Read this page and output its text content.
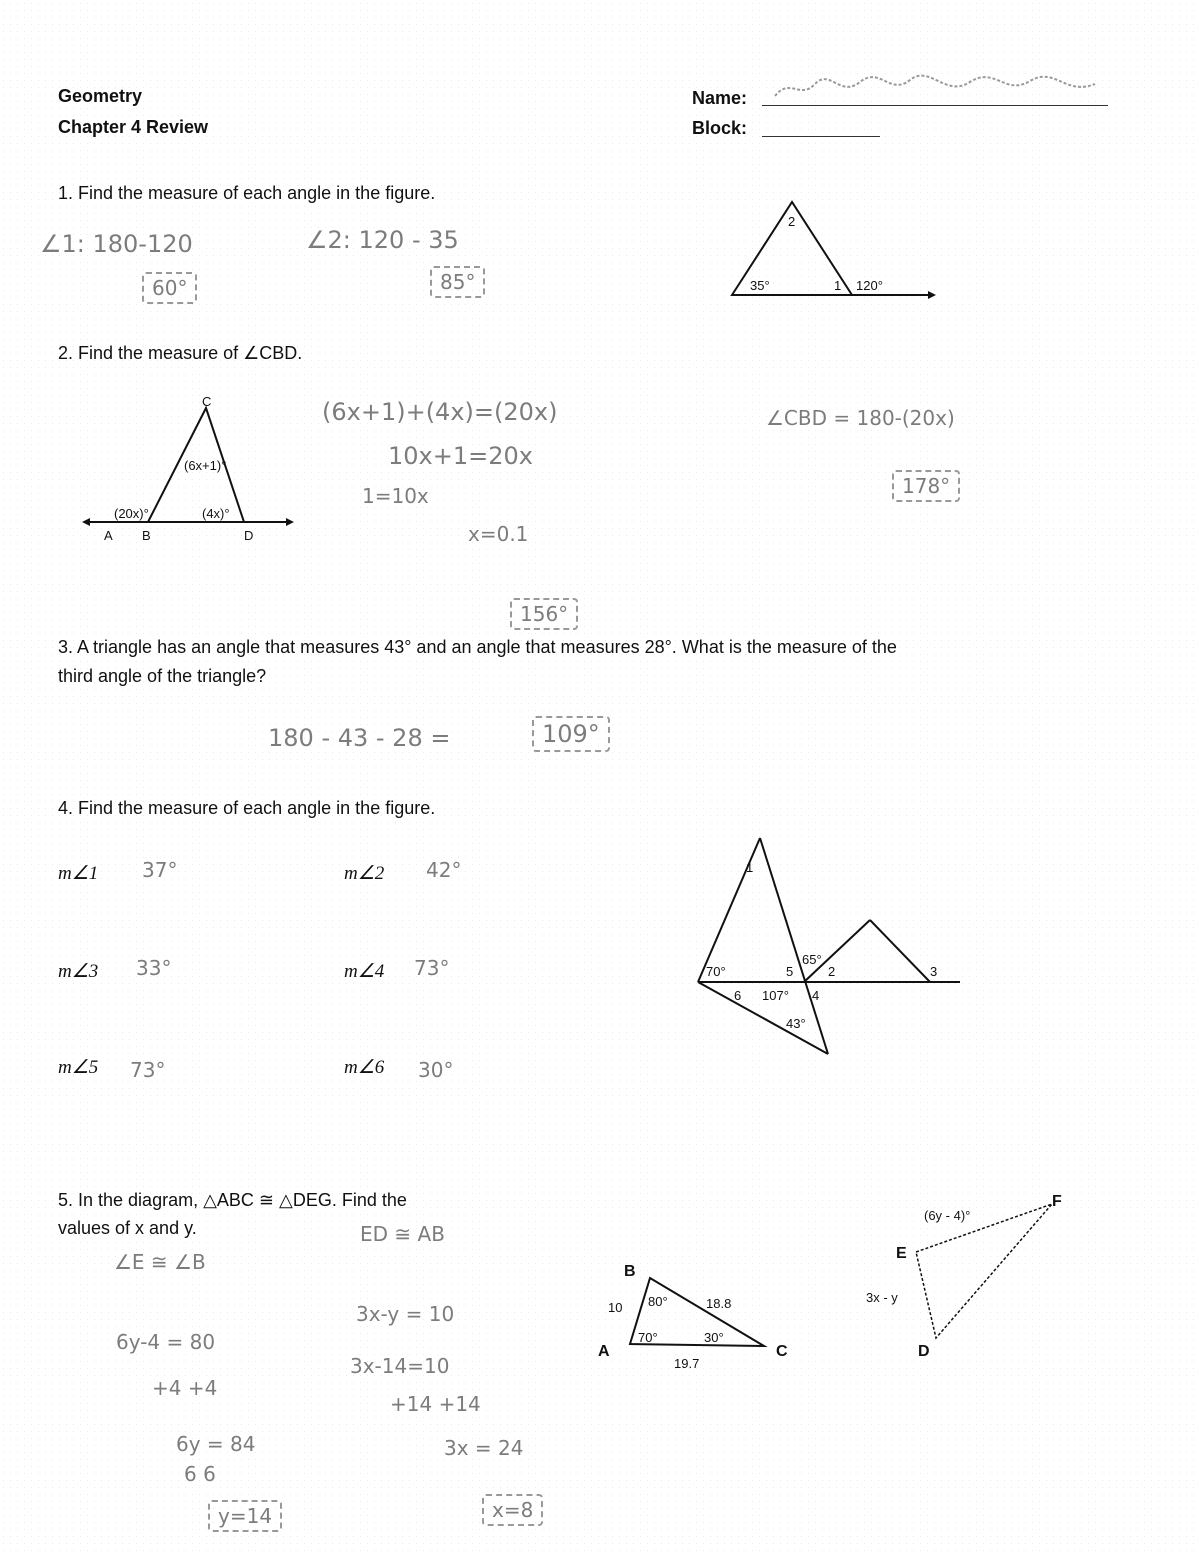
Geometry
Chapter 4 Review
Name:
Block:
1. Find the measure of each angle in the figure.
∠1: 180-120
60°
∠2: 120 - 35
85°	35°	1 120°
2
2. Find the measure of ∠CBD.
(6x+1)°
(20x)°	(4x)°
A B	D
C	(6x+1)+(4x)=(20x)
10x+1=20x
1=10x
x=0.1
156°
∠CBD = 180-(20x)
178°
3. A triangle has an angle that measures 43° and an angle that measures 28°. What is the measure of the
third angle of the triangle?
180 - 43 - 28 =	109°
4. Find the measure of each angle in the figure.
m∠1 37°	m∠2 42°
m∠3 33°	m∠4 73°
m∠5 73°	m∠6 30°
1
70°
6
5
65°
2	3
107° 4
43°
5. In the diagram, △ABC ≅ △DEG. Find the
values of x and y.
∠E ≅ ∠B
6y-4 = 80
+4 +4
6y = 84
6 6
y=14
ED ≅ AB
3x-y = 10
3x-14=10
+14 +14
3x = 24
x=8
B
A	C
10	18.8
19.7
80°
70°	30°
F
E
D
(6y - 4)°
3x - y
